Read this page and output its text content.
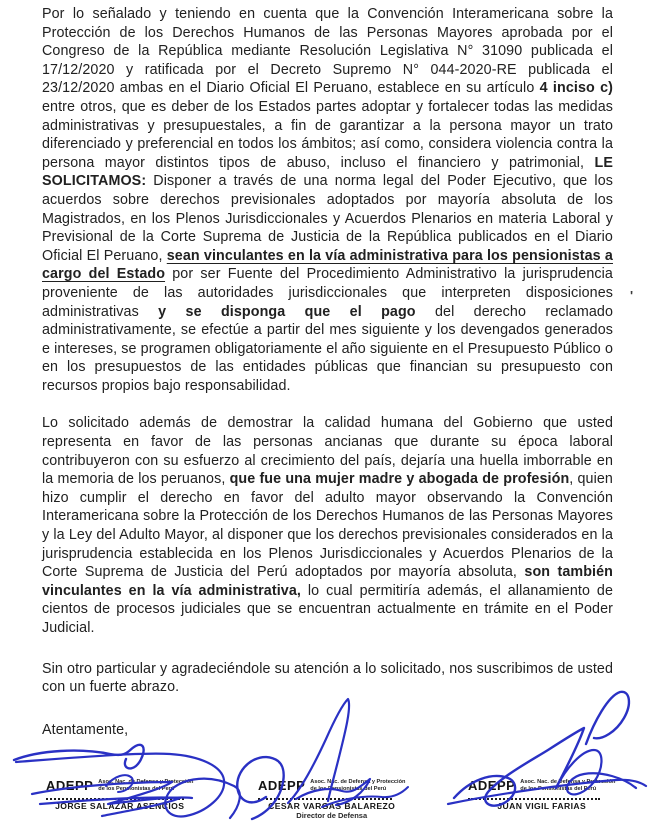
Por lo señalado y teniendo en cuenta que la Convención Interamericana sobre la Protección de los Derechos Humanos de las Personas Mayores aprobada por el Congreso de la República mediante Resolución Legislativa N° 31090 publicada el 17/12/2020 y ratificada por el Decreto Supremo N° 044-2020-RE publicada el 23/12/2020 ambas en el Diario Oficial El Peruano, establece en su artículo 4 inciso c) entre otros, que es deber de los Estados partes adoptar y fortalecer todas las medidas administrativas y presupuestales, a fin de garantizar a la persona mayor un trato diferenciado y preferencial en todos los ámbitos; así como, considera violencia contra la persona mayor distintos tipos de abuso, incluso el financiero y patrimonial, LE SOLICITAMOS: Disponer a través de una norma legal del Poder Ejecutivo, que los acuerdos sobre derechos previsionales adoptados por mayoría absoluta de los Magistrados, en los Plenos Jurisdiccionales y Acuerdos Plenarios en materia Laboral y Previsional de la Corte Suprema de Justicia de la República publicados en el Diario Oficial El Peruano, sean vinculantes en la vía administrativa para los pensionistas a cargo del Estado por ser Fuente del Procedimiento Administrativo la jurisprudencia proveniente de las autoridades jurisdiccionales que interpreten disposiciones administrativas y se disponga que el pago del derecho reclamado administrativamente, se efectúe a partir del mes siguiente y los devengados generados e intereses, se programen obligatoriamente el año siguiente en el Presupuesto Público o en los presupuestos de las entidades públicas que financian su presupuesto con recursos propios bajo responsabilidad.

Lo solicitado además de demostrar la calidad humana del Gobierno que usted representa en favor de las personas ancianas que durante su época laboral contribuyeron con su esfuerzo al crecimiento del país, dejaría una huella imborrable en la memoria de los peruanos, que fue una mujer madre y abogada de profesión, quien hizo cumplir el derecho en favor del adulto mayor observando la Convención Interamericana sobre la Protección de los Derechos Humanos de las Personas Mayores y la Ley del Adulto Mayor, al disponer que los derechos previsionales considerados en la jurisprudencia establecida en los Plenos Jurisdiccionales y Acuerdos Plenarios de la Corte Suprema de Justicia del Perú adoptados por mayoría absoluta, son también vinculantes en la vía administrativa, lo cual permitiría además, el allanamiento de cientos de procesos judiciales que se encuentran actualmente en trámite en el Poder Judicial.

Sin otro particular y agradeciéndole su atención a lo solicitado, nos suscribimos de usted con un fuerte abrazo.

Atentamente,

'
ADEPP Asoc. Nac. de Defensa y Protección
de los Pensionistas del Perú
JORGE SALAZAR ASENCIOS
ADEPP Asoc. Nac. de Defensa y Protección
de los Pensionistas del Perú
CESAR VARGAS BALAREZO
Director de Defensa
ADEPP Asoc. Nac. de Defensa y Protección
de los Pensionistas del Perú
JUAN VIGIL FARIAS
